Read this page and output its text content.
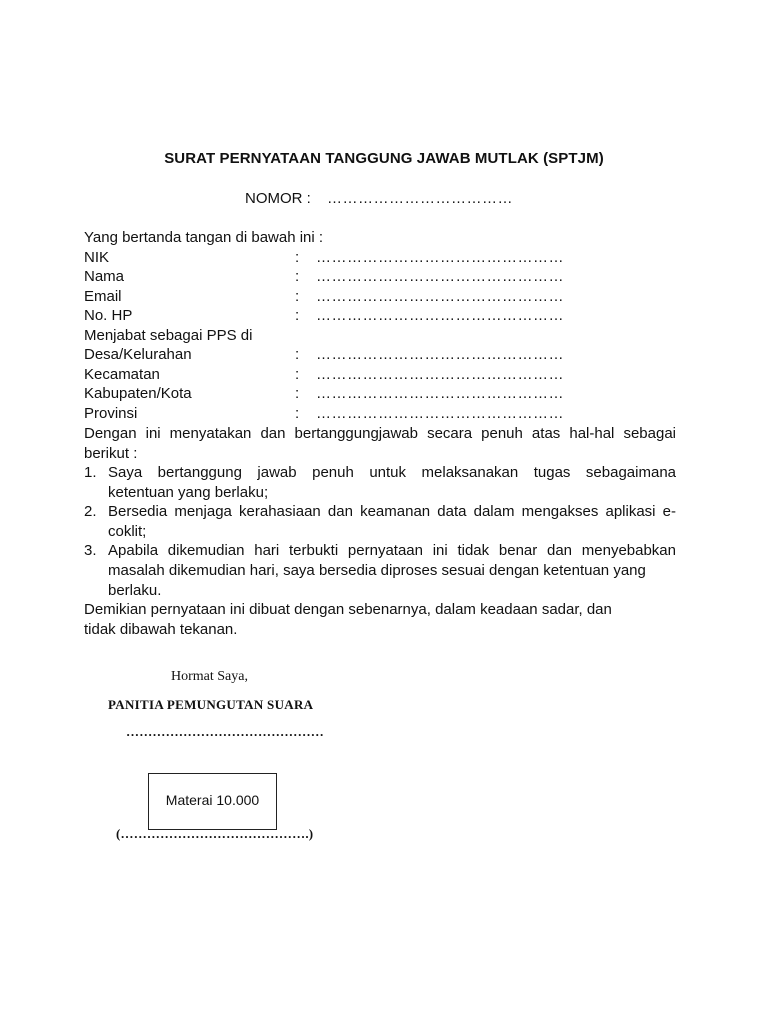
SURAT PERNYATAAN TANGGUNG JAWAB MUTLAK (SPTJM)
NOMOR : ………………………………
Yang bertanda tangan di bawah ini :
NIK	: …………………………………………
Nama	: …………………………………………
Email	: …………………………………………
No. HP	: …………………………………………
Menjabat sebagai PPS di
Desa/Kelurahan	: …………………………………………
Kecamatan	: …………………………………………
Kabupaten/Kota	: …………………………………………
Provinsi	: …………………………………………
Dengan ini menyatakan dan bertanggungjawab secara penuh atas hal-hal sebagai
berikut :
1. Saya bertanggung jawab penuh untuk melaksanakan tugas sebagaimana
ketentuan yang berlaku;
2. Bersedia menjaga kerahasiaan dan keamanan data dalam mengakses aplikasi e-
coklit;
3. Apabila dikemudian hari terbukti pernyataan ini tidak benar dan menyebabkan
masalah dikemudian hari, saya bersedia diproses sesuai dengan ketentuan yang
berlaku.
Demikian pernyataan ini dibuat dengan sebenarnya, dalam keadaan sadar, dan
tidak dibawah tekanan.
Hormat Saya,
PANITIA PEMUNGUTAN SUARA
………………………………………
Materai 10.000
(…………………………………….)
